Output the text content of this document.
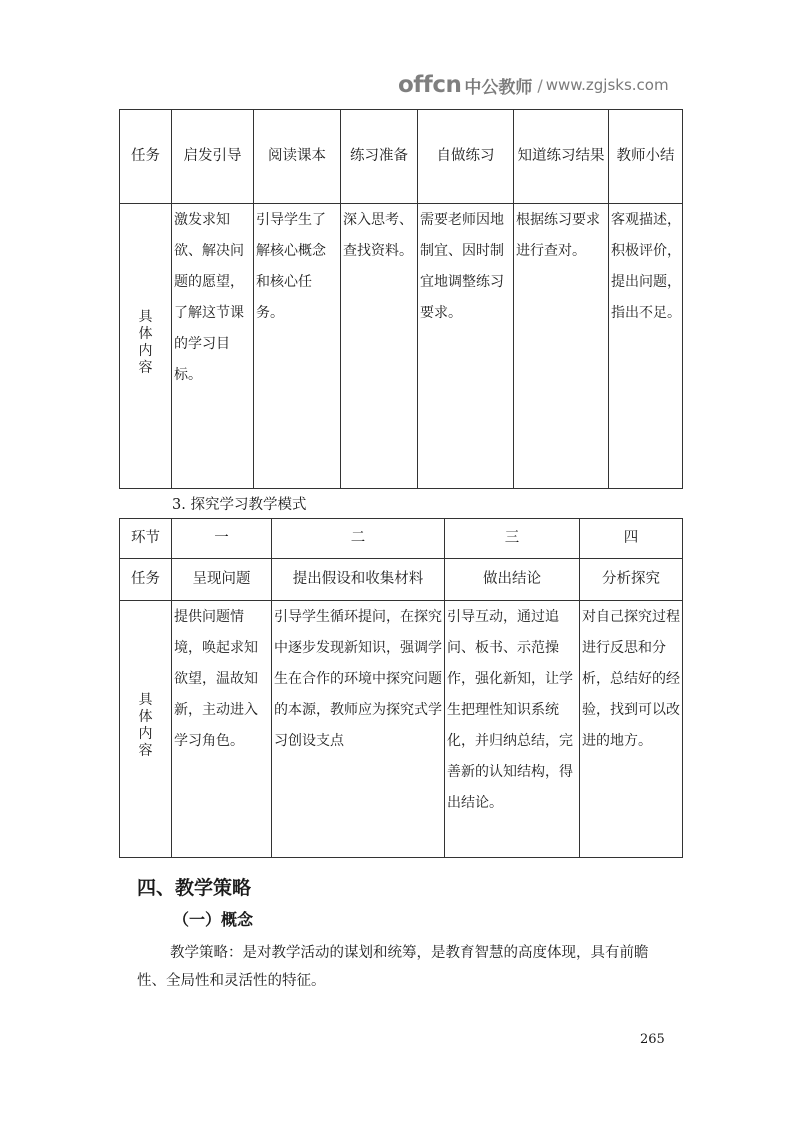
offcn 中公教师 / www.zgjsks.com
任务	启发引导	阅读课本	练习准备	自做练习	知道练习结果	教师小结
具体内容	激发求知欲、解决问题的愿望，了解这节课的学习目标。	引导学生了解核心概念和核心任务。	深入思考、查找资料。	需要老师因地制宜、因时制宜地调整练习要求。	根据练习要求进行查对。	客观描述，积极评价，提出问题，指出不足。
3. 探究学习教学模式
环节	一	二	三	四
任务	呈现问题	提出假设和收集材料	做出结论	分析探究
具体内容	提供问题情境，唤起求知欲望，温故知新，主动进入学习角色。	引导学生循环提问，在探究中逐步发现新知识，强调学生在合作的环境中探究问题的本源，教师应为探究式学习创设支点	引导互动，通过追问、板书、示范操作，强化新知，让学生把理性知识系统化，并归纳总结，完善新的认知结构，得出结论。	对自己探究过程进行反思和分析，总结好的经验，找到可以改进的地方。
四、教学策略
（一）概念
教学策略：是对教学活动的谋划和统筹，是教育智慧的高度体现，具有前瞻性、全局性和灵活性的特征。
265
